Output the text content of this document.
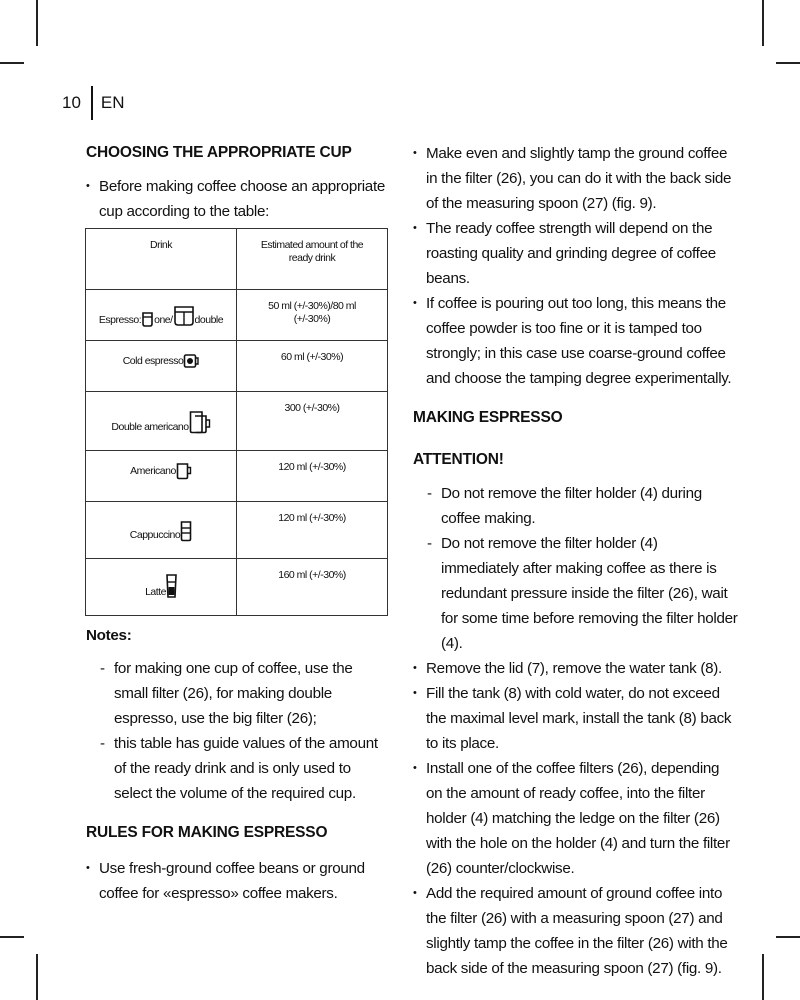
10	EN
CHOOSING THE APPROPRIATE CUP
• Before making coffee choose an appropriate cup according to the table:
Drink	Estimated amount of the ready drink

Espresso: one/ double	50 ml (+/-30%)/80 ml (+/-30%)

Cold espresso	60 ml (+/-30%)

Double americano	300 (+/-30%)

Americano	120 ml (+/-30%)

Cappuccino	120 ml (+/-30%)

Latte	160 ml (+/-30%)
Notes:
- for making one cup of coffee, use the small filter (26), for making double espresso, use the big filter (26);
- this table has guide values of the amount of the ready drink and is only used to select the volume of the required cup.
RULES FOR MAKING ESPRESSO
• Use fresh-ground coffee beans or ground coffee for «espresso» coffee makers.
• Make even and slightly tamp the ground coffee in the filter (26), you can do it with the back side of the measuring spoon (27) (fig. 9).
• The ready coffee strength will depend on the roasting quality and grinding degree of coffee beans.
• If coffee is pouring out too long, this means the coffee powder is too fine or it is tamped too strongly; in this case use coarse-ground coffee and choose the tamping degree experimentally.
MAKING ESPRESSO
ATTENTION!
- Do not remove the filter holder (4) during coffee making.
- Do not remove the filter holder (4) immediately after making coffee as there is redundant pressure inside the filter (26), wait for some time before removing the filter holder (4).
• Remove the lid (7), remove the water tank (8).
• Fill the tank (8) with cold water, do not exceed the maximal level mark, install the tank (8) back to its place.
• Install one of the coffee filters (26), depending on the amount of ready coffee, into the filter holder (4) matching the ledge on the filter (26) with the hole on the holder (4) and turn the filter (26) counter/clockwise.
• Add the required amount of ground coffee into the filter (26) with a measuring spoon (27) and slightly tamp the coffee in the filter (26) with the back side of the measuring spoon (27) (fig. 9).
